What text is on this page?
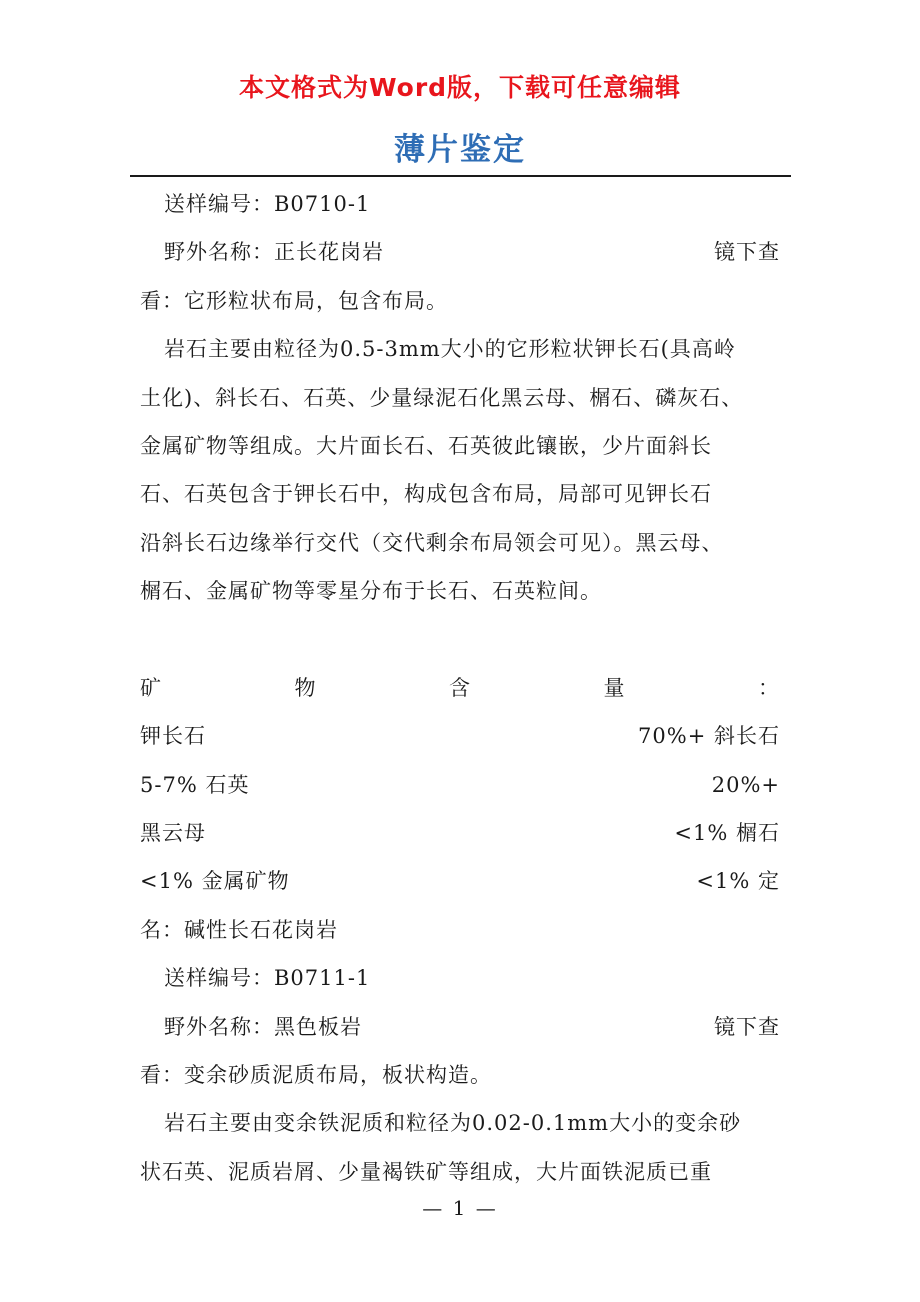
本文格式为Word版，下载可任意编辑
薄片鉴定
送样编号：B0710-1
野外名称：正长花岗岩	镜下查
看：它形粒状布局，包含布局。
岩石主要由粒径为0.5-3mm大小的它形粒状钾长石(具高岭
土化)、斜长石、石英、少量绿泥石化黑云母、榍石、磷灰石、
金属矿物等组成。大片面长石、石英彼此镶嵌，少片面斜长
石、石英包含于钾长石中，构成包含布局，局部可见钾长石
沿斜长石边缘举行交代（交代剩余布局领会可见）。黑云母、
榍石、金属矿物等零星分布于长石、石英粒间。
矿	物	含	量	：
钾长石	70%+ 斜长石
5-7% 石英	20%+
黑云母	<1% 榍石
<1% 金属矿物	<1% 定
名：碱性长石花岗岩
送样编号：B0711-1
野外名称：黑色板岩	镜下查
看：变余砂质泥质布局，板状构造。
岩石主要由变余铁泥质和粒径为0.02-0.1mm大小的变余砂
状石英、泥质岩屑、少量褐铁矿等组成，大片面铁泥质已重
— 1 —
